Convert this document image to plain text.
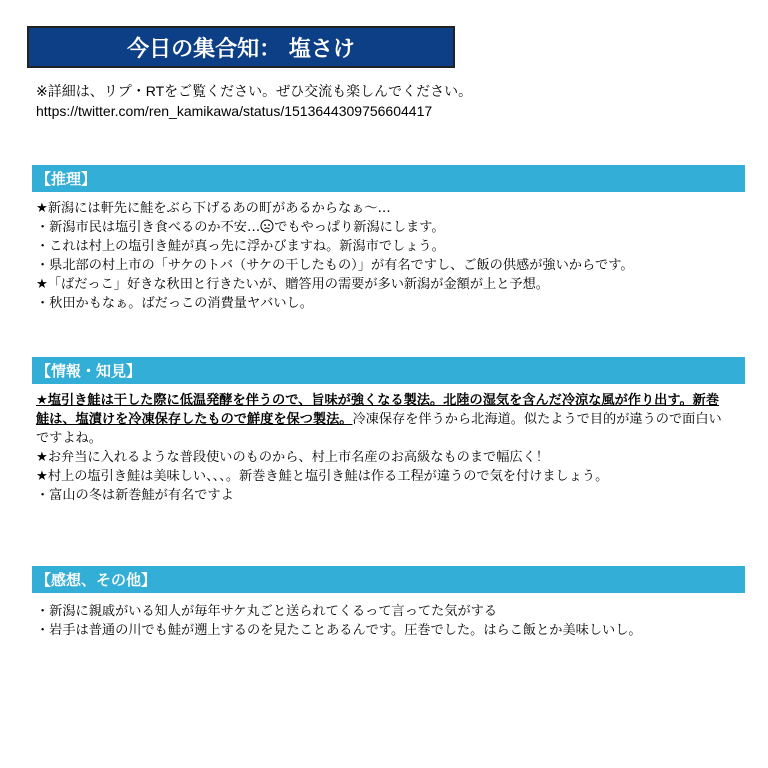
今日の集合知： 塩さけ
※詳細は、リプ・RTをご覧ください。ぜひ交流も楽しんでください。
https://twitter.com/ren_kamikawa/status/1513644309756604417
【推理】
★新潟には軒先に鮭をぶら下げるあの町があるからなぁ～…
・新潟市民は塩引き食べるのか不安… でもやっぱり新潟にします。
・これは村上の塩引き鮭が真っ先に浮かびますね。新潟市でしょう。
・県北部の村上市の「サケのトバ（サケの干したもの）」が有名ですし、ご飯の供感が強いからです。
★「ばだっこ」好きな秋田と行きたいが、贈答用の需要が多い新潟が金額が上と予想。
・秋田かもなぁ。ばだっこの消費量ヤバいし。
【情報・知見】
★塩引き鮭は干した際に低温発酵を伴うので、旨味が強くなる製法。北陸の湿気を含んだ冷涼な風が作り出す。新巻鮭は、塩漬けを冷凍保存したもので鮮度を保つ製法。冷凍保存を伴うから北海道。似たようで目的が違うので面白いですよね。
★お弁当に入れるような普段使いのものから、村上市名産のお高級なものまで幅広く！
★村上の塩引き鮭は美味しい、、、。新巻き鮭と塩引き鮭は作る工程が違うので気を付けましょう。
・富山の冬は新巻鮭が有名ですよ
【感想、その他】
・新潟に親戚がいる知人が毎年サケ丸ごと送られてくるって言ってた気がする
・岩手は普通の川でも鮭が遡上するのを見たことあるんです。圧巻でした。はらこ飯とか美味しいし。
